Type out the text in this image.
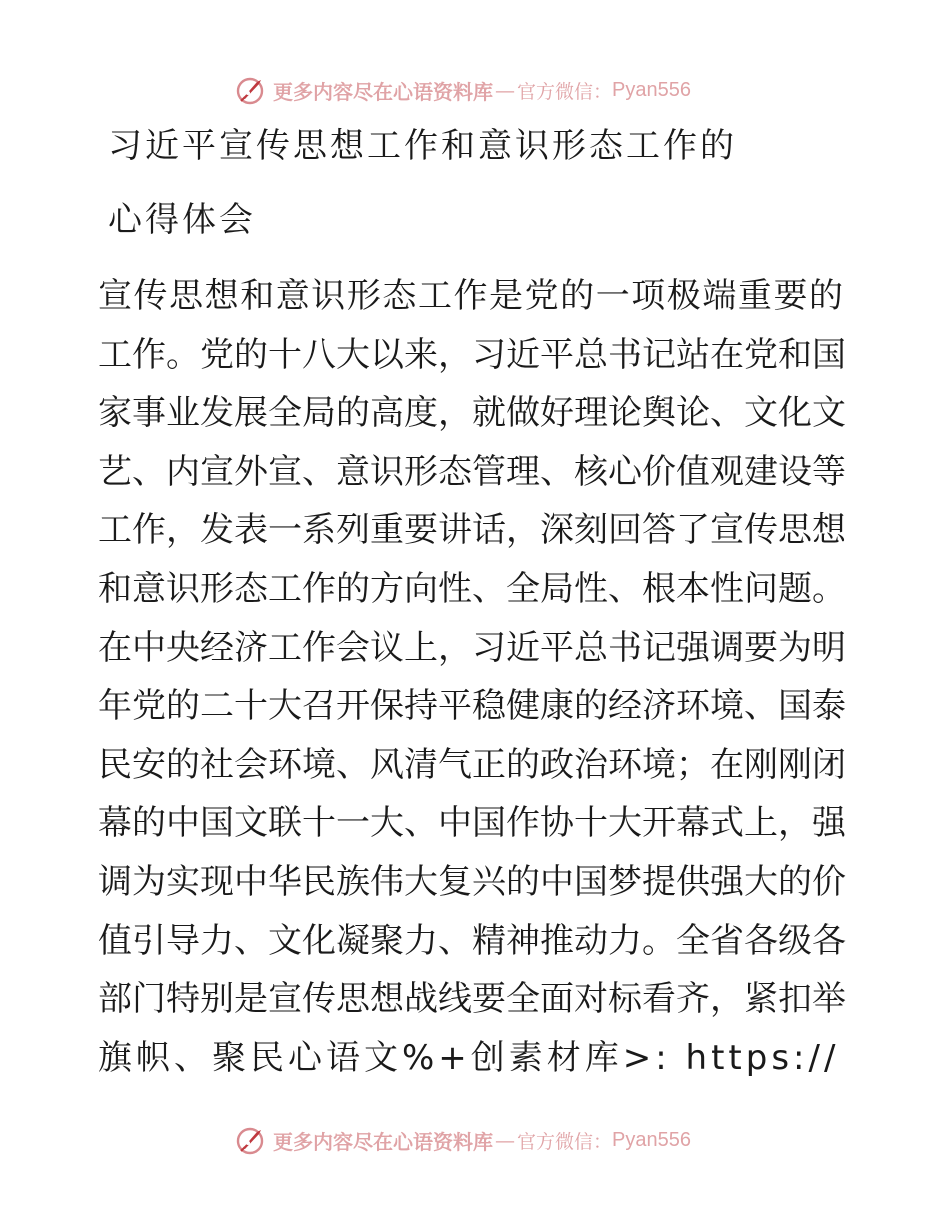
更多内容尽在心语资料库 — 官方微信： Pyan556
习近平宣传思想工作和意识形态工作的
心得体会
宣传思想和意识形态工作是党的一项极端重要的
工作。党的十八大以来，习近平总书记站在党和国
家事业发展全局的高度，就做好理论舆论、文化文
艺、内宣外宣、意识形态管理、核心价值观建设等
工作，发表一系列重要讲话，深刻回答了宣传思想
和意识形态工作的方向性、全局性、根本性问题。
在中央经济工作会议上，习近平总书记强调要为明
年党的二十大召开保持平稳健康的经济环境、国泰
民安的社会环境、风清气正的政治环境；在刚刚闭
幕的中国文联十一大、中国作协十大开幕式上，强
调为实现中华民族伟大复兴的中国梦提供强大的价
值引导力、文化凝聚力、精神推动力。全省各级各
部门特别是宣传思想战线要全面对标看齐，紧扣举
旗帜、聚民心语文%+创素材库>: https://
更多内容尽在心语资料库 — 官方微信： Pyan556
